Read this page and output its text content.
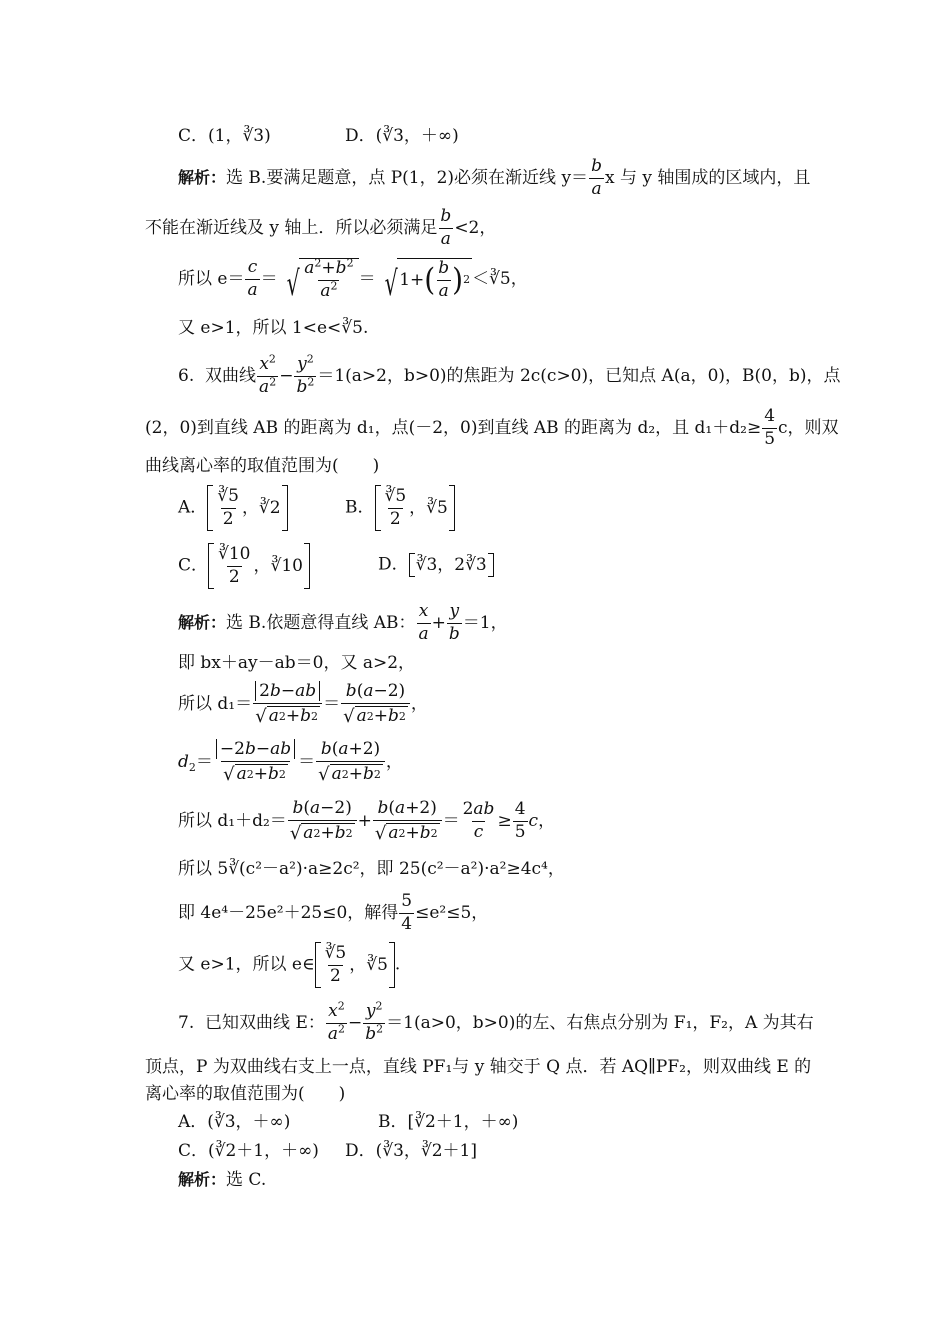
C．(1，∛3)	D．(∛3，＋∞)
解析：选 B.要满足题意，点 P(1，2)必须在渐近线 $y= \frac{b}{a}$ x 与 y 轴围成的区域内，且
不能在渐近线及 y 轴上．所以必须满足 $\frac{b}{a} <2$，
所以 $e= \frac{c}{a}$ ＝ √ $\frac{a^2+b^2}{a^2}$ ＝ √ 1+ ( $\frac{b}{a}$ ) 2 ＜∛5，
又 e>1，所以 1<e<∛5.
6. 双曲线 $\frac{x^2}{a^2} - \frac{y^2}{b^2} =1(a>2$，b>0)的焦距为 2c(c>0)，已知点 A(a，0)，B(0，b)，点
(2，0)到直线 AB 的距离为 d₁，点(－2，0)到直线 AB 的距离为 d₂，且 $d_1+d_2\ge \frac{4}{5}$ c，则双
曲线离心率的取值范围为(　　)
A． $\frac{∛5}{2}$ ，∛2	B． $\frac{∛5}{2}$ ，∛5
C． $\frac{∛10}{2}$ ，∛10	D． ∛3，2∛3
解析：选 B.依题意得直线 AB： $\frac{x}{a} + \frac{y}{b} =1$，
即 bx＋ay－ab＝0，又 a>2，
所以 $d_1= \frac{2b-ab}{√ a 2 + b 2} = \frac{b(a-2)}{√ a 2 + b 2}$ ，
$d_2= \frac{-2b-ab}{√ a 2 + b 2} = \frac{b(a+2)}{√ a 2 + b 2}$ ，
所以 $d_1+d_2= \frac{b(a-2)}{√ a 2 + b 2} + \frac{b(a+2)}{√ a 2 + b 2} = \frac{2ab}{c} \ge \frac{4}{5}$ c，
所以 5∛(c²－a²)·a≥2c²，即 25(c²－a²)·a²≥4c⁴，
即 4e⁴－25e²＋25≤0，解得 $\frac{5}{4} \le e^2\le 5$，
又 e>1，所以 e∈ $\frac{∛5}{2}$ ，∛5 .
7. 已知双曲线 E： $\frac{x^2}{a^2} - \frac{y^2}{b^2} =1(a>0$，b>0)的左、右焦点分别为 F₁，F₂，A 为其右
顶点，P 为双曲线右支上一点，直线 PF₁与 y 轴交于 Q 点．若 AQ∥PF₂，则双曲线 E 的
离心率的取值范围为(　　)
A．(∛3，＋∞)	B．[∛2＋1，＋∞)
C．(∛2＋1，＋∞) D．(∛3，∛2＋1]
解析：选 C.
